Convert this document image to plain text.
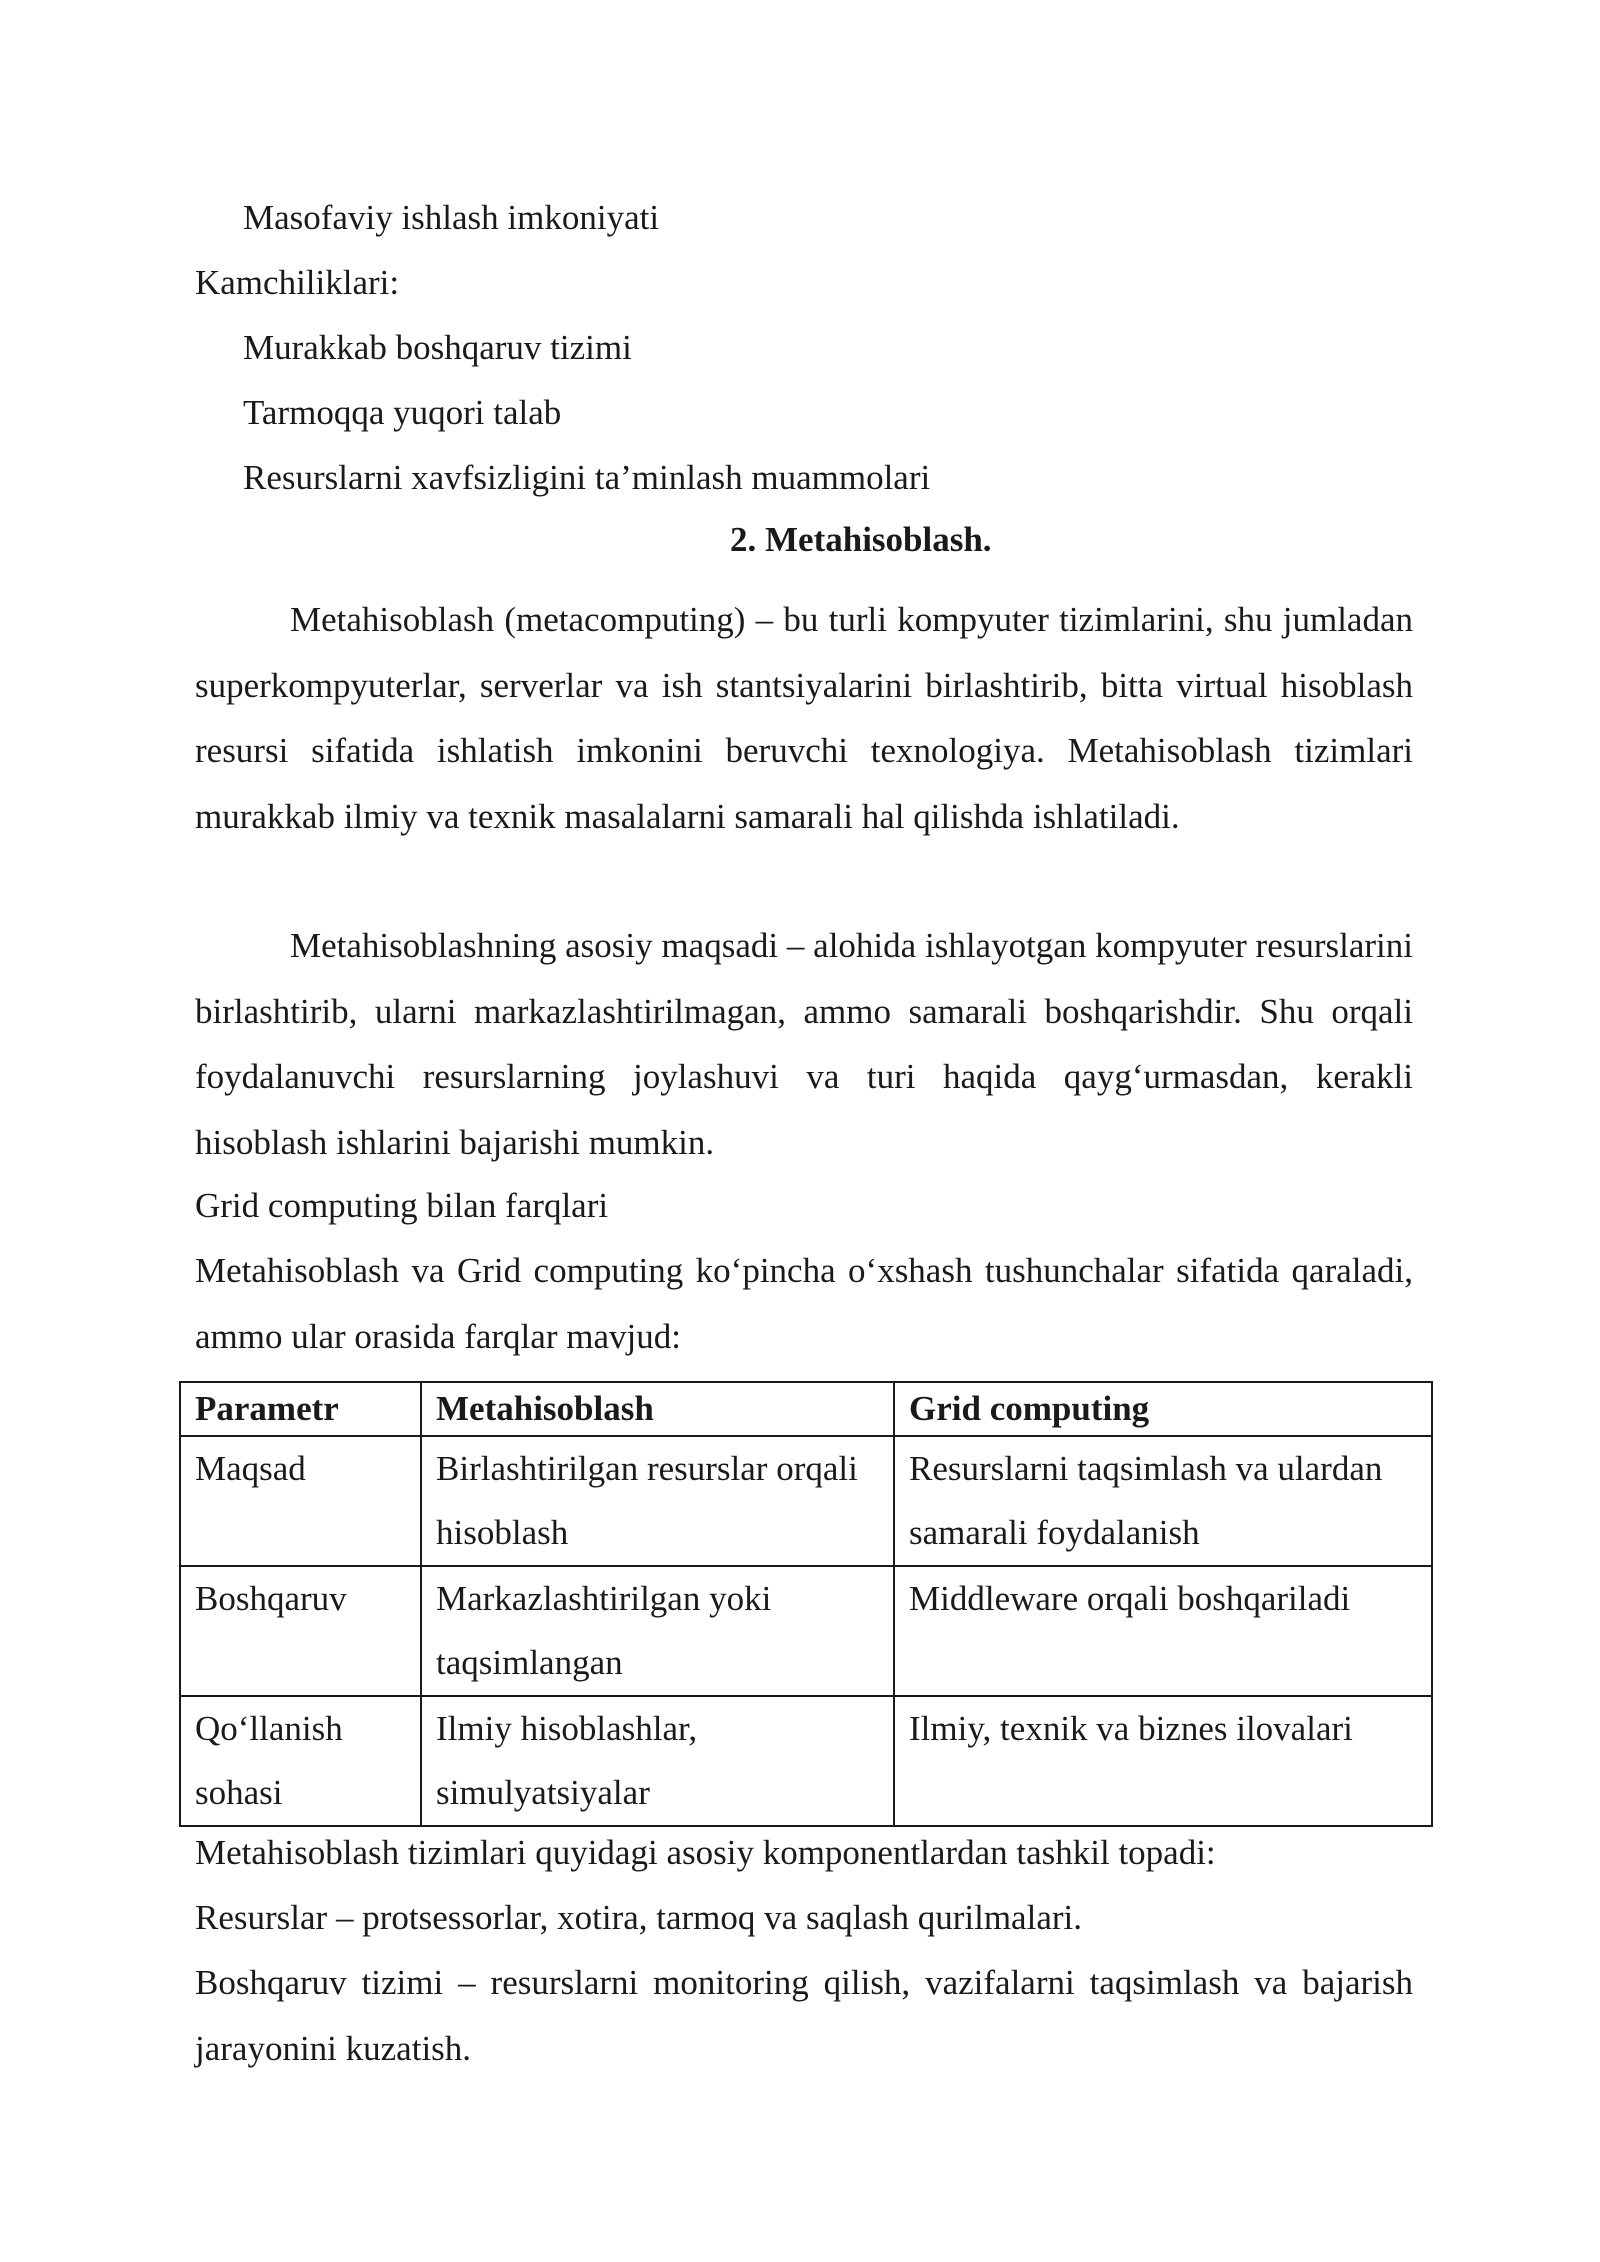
Masofaviy ishlash imkoniyati
Kamchiliklari:
Murakkab boshqaruv tizimi
Tarmoqqa yuqori talab
Resurslarni xavfsizligini ta’minlash muammolari
2. Metahisoblash.

Metahisoblash (metacomputing) – bu turli kompyuter tizimlarini, shu jumladan superkompyuterlar, serverlar va ish stantsiyalarini birlashtirib, bitta virtual hisoblash resursi sifatida ishlatish imkonini beruvchi texnologiya. Metahisoblash tizimlari murakkab ilmiy va texnik masalalarni samarali hal qilishda ishlatiladi.

Metahisoblashning asosiy maqsadi – alohida ishlayotgan kompyuter resurslarini birlashtirib, ularni markazlashtirilmagan, ammo samarali boshqarishdir. Shu orqali foydalanuvchi resurslarning joylashuvi va turi haqida qayg‘urmasdan, kerakli hisoblash ishlarini bajarishi mumkin.

Grid computing bilan farqlari

Metahisoblash va Grid computing ko‘pincha o‘xshash tushunchalar sifatida qaraladi, ammo ular orasida farqlar mavjud:

Parametr	Metahisoblash	Grid computing
Maqsad	Birlashtirilgan resurslar orqali hisoblash	Resurslarni taqsimlash va ulardan samarali foydalanish
Boshqaruv	Markazlashtirilgan yoki taqsimlangan	Middleware orqali boshqariladi
Qo‘llanish sohasi	Ilmiy hisoblashlar, simulyatsiyalar	Ilmiy, texnik va biznes ilovalari

Metahisoblash tizimlari quyidagi asosiy komponentlardan tashkil topadi:

Resurslar – protsessorlar, xotira, tarmoq va saqlash qurilmalari.

Boshqaruv tizimi – resurslarni monitoring qilish, vazifalarni taqsimlash va bajarish jarayonini kuzatish.
